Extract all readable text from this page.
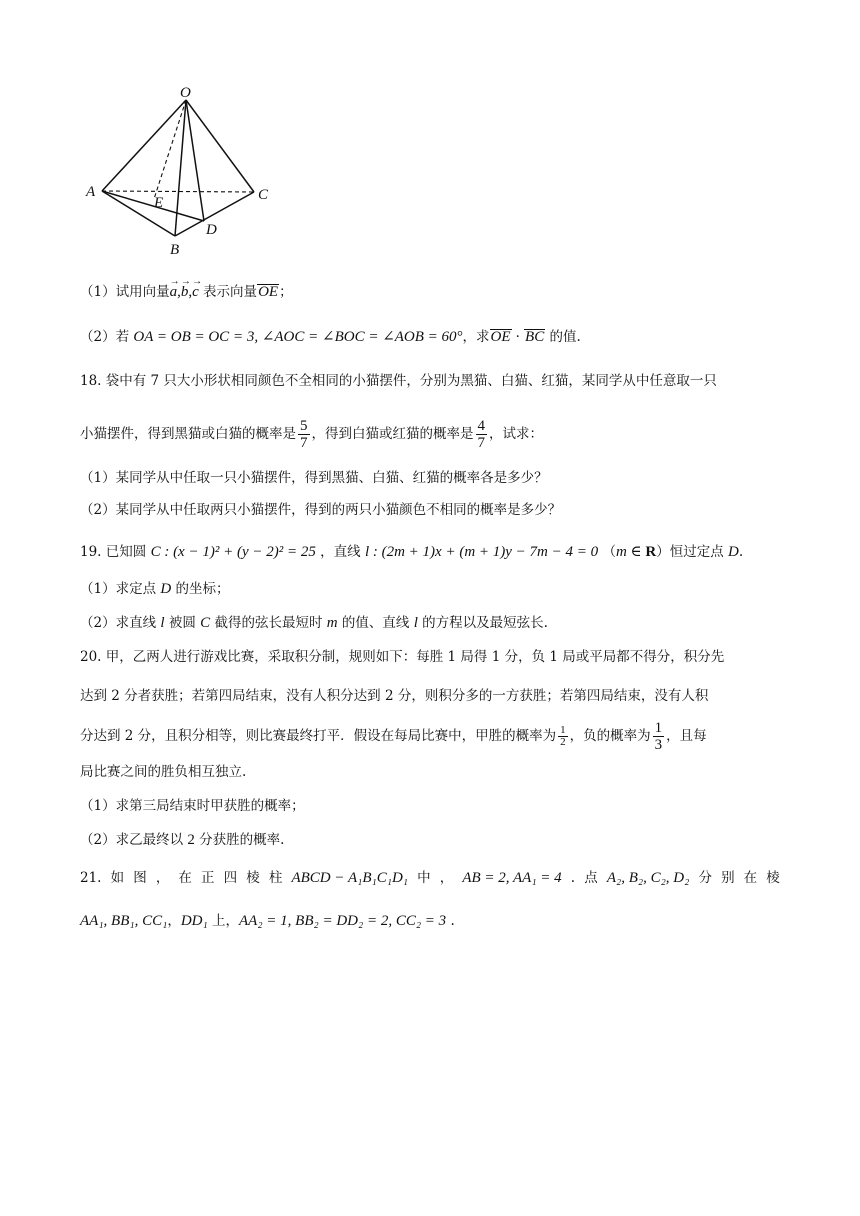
O
A
B
C
D
E
（1）试用向量→ a,→ b,→ c 表示向量OE；
（2）若 OA = OB = OC = 3, ∠AOC = ∠BOC = ∠AOB = 60°，求OE · BC 的值.
18. 袋中有 7 只大小形状相同颜色不全相同的小猫摆件，分别为黑猫、白猫、红猫，某同学从中任意取一只
小猫摆件，得到黑猫或白猫的概率是 $\frac{5}{7}$ ，得到白猫或红猫的概率是 $\frac{4}{7}$ ，试求：
（1）某同学从中任取一只小猫摆件，得到黑猫、白猫、红猫的概率各是多少？
（2）某同学从中任取两只小猫摆件，得到的两只小猫颜色不相同的概率是多少？
19. 已知圆 C : (x − 1)² + (y − 2)² = 25 ，直线 l : (2m + 1)x + (m + 1)y − 7m − 4 = 0 （m ∈ R）恒过定点 D.
（1）求定点 D 的坐标；
（2）求直线 l 被圆 C 截得的弦长最短时 m 的值、直线 l 的方程以及最短弦长.
20. 甲，乙两人进行游戏比赛，采取积分制，规则如下：每胜 1 局得 1 分，负 1 局或平局都不得分，积分先
达到 2 分者获胜；若第四局结束，没有人积分达到 2 分，则积分多的一方获胜；若第四局结束，没有人积
分达到 2 分，且积分相等，则比赛最终打平．假设在每局比赛中，甲胜的概率为 $\frac{1}{2}$ ，负的概率为 $\frac{1}{3}$ ，且每
局比赛之间的胜负相互独立.
（1）求第三局结束时甲获胜的概率；
（2）求乙最终以 2 分获胜的概率.
21. 如 图 ， 在 正 四 棱 柱 ABCD − A₁B₁C₁D₁ 中 ， AB = 2, AA₁ = 4 . 点 A₂, B₂, C₂, D₂ 分 别 在 棱
AA₁, BB₁, CC₁，DD₁ 上，AA₂ = 1, BB₂ = DD₂ = 2, CC₂ = 3 .
